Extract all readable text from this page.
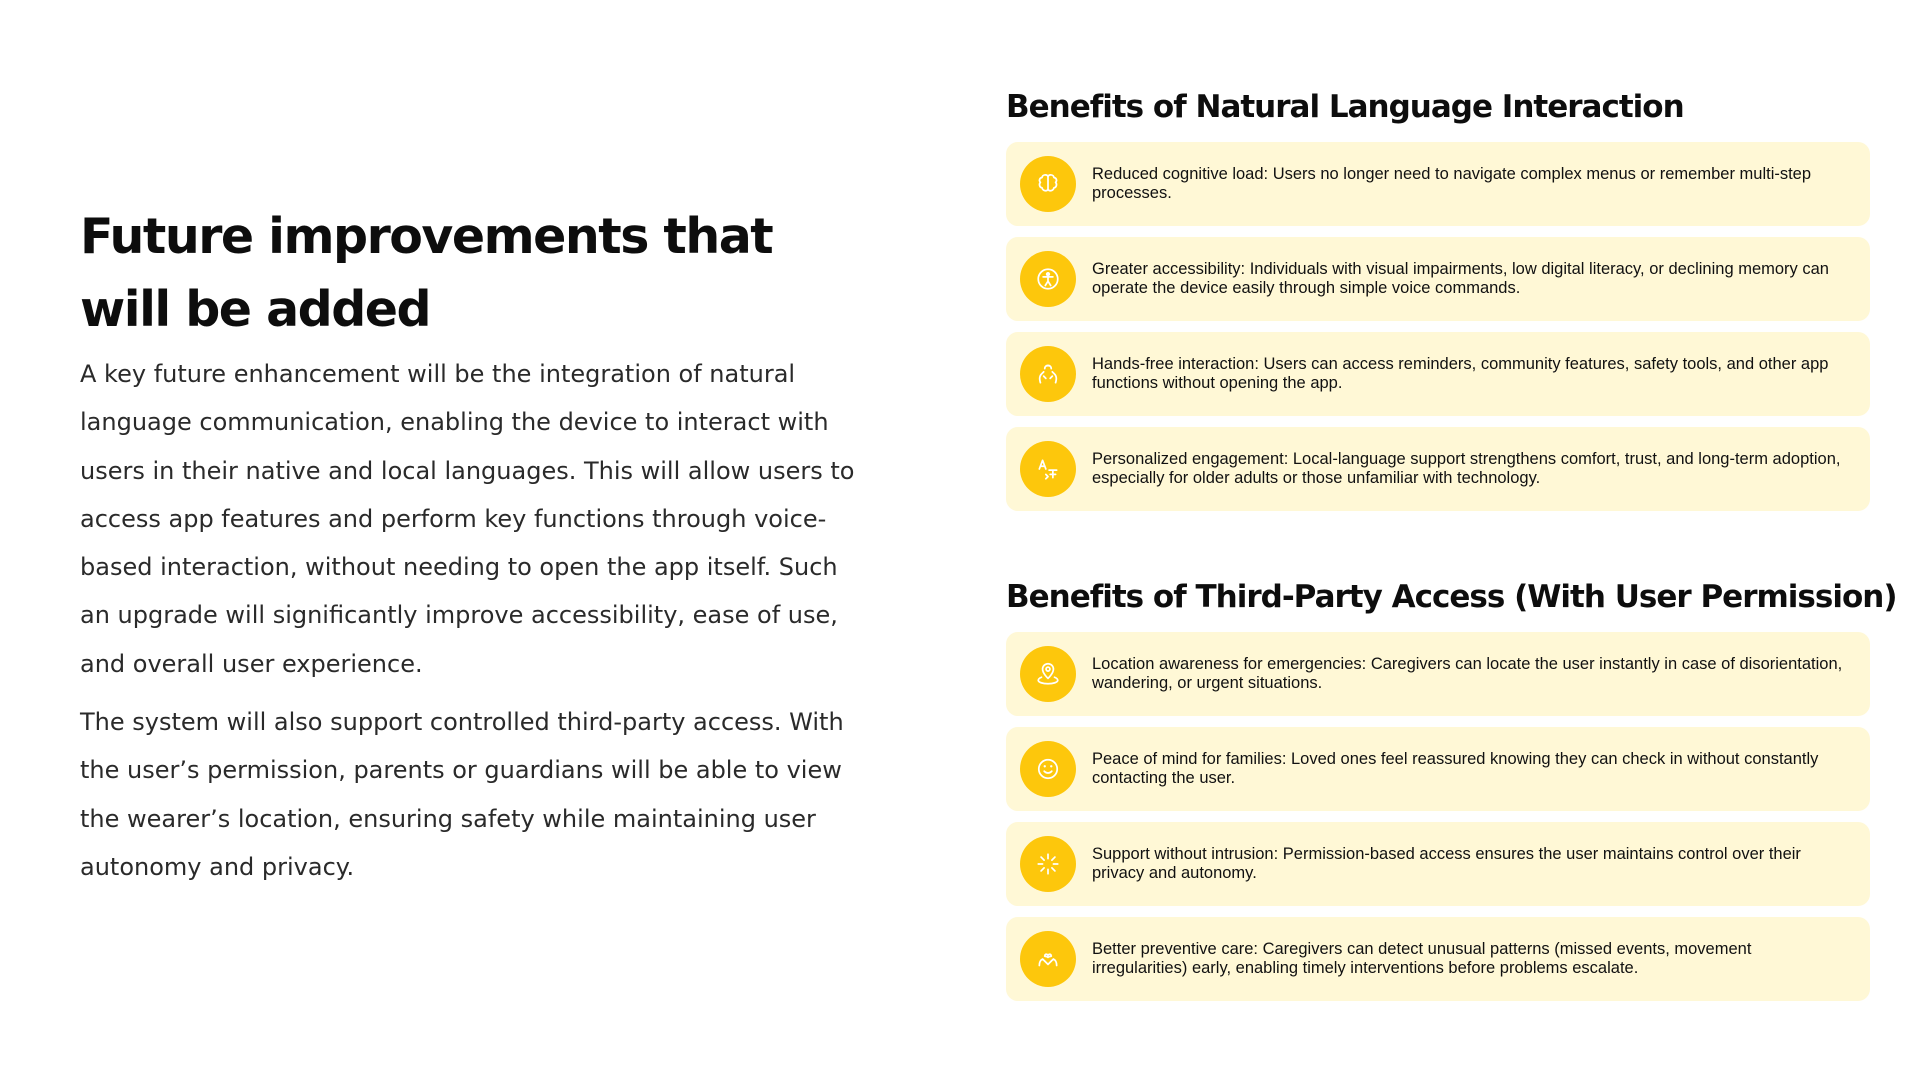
Future improvements that will be added

A key future enhancement will be the integration of natural language communication, enabling the device to interact with users in their native and local languages. This will allow users to access app features and perform key functions through voice-based interaction, without needing to open the app itself. Such an upgrade will significantly improve accessibility, ease of use, and overall user experience.

The system will also support controlled third-party access. With the user’s permission, parents or guardians will be able to view the wearer’s location, ensuring safety while maintaining user autonomy and privacy.

Benefits of Natural Language Interaction
Reduced cognitive load: Users no longer need to navigate complex menus or remember multi-step processes.
Greater accessibility: Individuals with visual impairments, low digital literacy, or declining memory can operate the device easily through simple voice commands.
Hands-free interaction: Users can access reminders, community features, safety tools, and other app functions without opening the app.
Personalized engagement: Local-language support strengthens comfort, trust, and long-term adoption, especially for older adults or those unfamiliar with technology.
Benefits of Third-Party Access (With User Permission)
Location awareness for emergencies: Caregivers can locate the user instantly in case of disorientation, wandering, or urgent situations.
Peace of mind for families: Loved ones feel reassured knowing they can check in without constantly contacting the user.
Support without intrusion: Permission-based access ensures the user maintains control over their privacy and autonomy.
Better preventive care: Caregivers can detect unusual patterns (missed events, movement irregularities) early, enabling timely interventions before problems escalate.
